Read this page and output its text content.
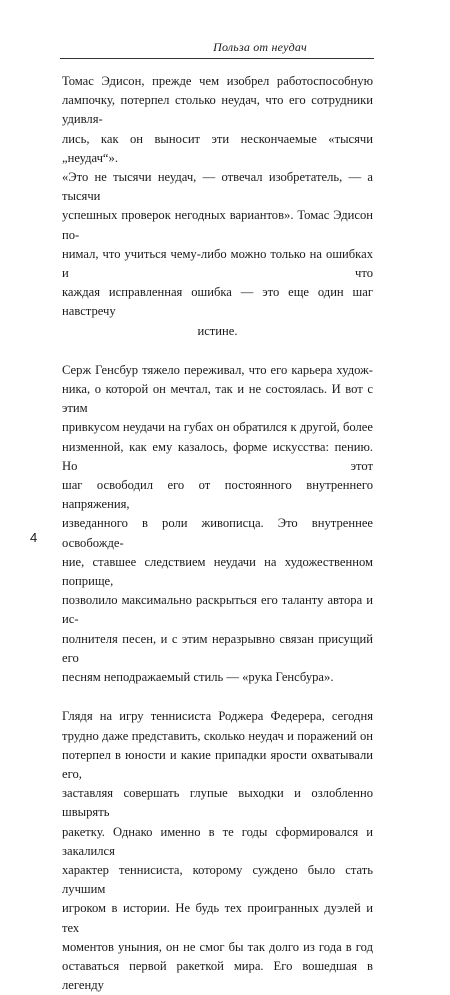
Польза от неудач

Томас Эдисон, прежде чем изобрел работоспособную
лампочку, потерпел столько неудач, что его сотрудники удивля-
лись, как он выносит эти нескончаемые «тысячи „неудач“».
«Это не тысячи неудач, — отвечал изобретатель, — а тысячи
успешных проверок негодных вариантов». Томас Эдисон по-
нимал, что учиться чему-либо можно только на ошибках и что
каждая исправленная ошибка — это еще один шаг навстречу
истине.

Серж Генсбур тяжело переживал, что его карьера худож-
ника, о которой он мечтал, так и не состоялась. И вот с этим
привкусом неудачи на губах он обратился к другой, более
низменной, как ему казалось, форме искусства: пению. Но этот
шаг освободил его от постоянного внутреннего напряжения,
изведанного в роли живописца. Это внутреннее освобожде-
ние, ставшее следствием неудачи на художественном поприще,
позволило максимально раскрыться его таланту автора и ис-
полнителя песен, и с этим неразрывно связан присущий его
песням неподражаемый стиль — «рука Генсбура».

Глядя на игру теннисиста Роджера Федерера, сегодня
трудно даже представить, сколько неудач и поражений он
потерпел в юности и какие припадки ярости охватывали его,
заставляя совершать глупые выходки и озлобленно швырять
ракетку. Однако именно в те годы сформировался и закалился
характер теннисиста, которому суждено было стать лучшим
игроком в истории. Не будь тех проигранных дуэлей и тех
моментов уныния, он не смог бы так долго из года в год
оставаться первой ракеткой мира. Его вошедшая в легенду

4
